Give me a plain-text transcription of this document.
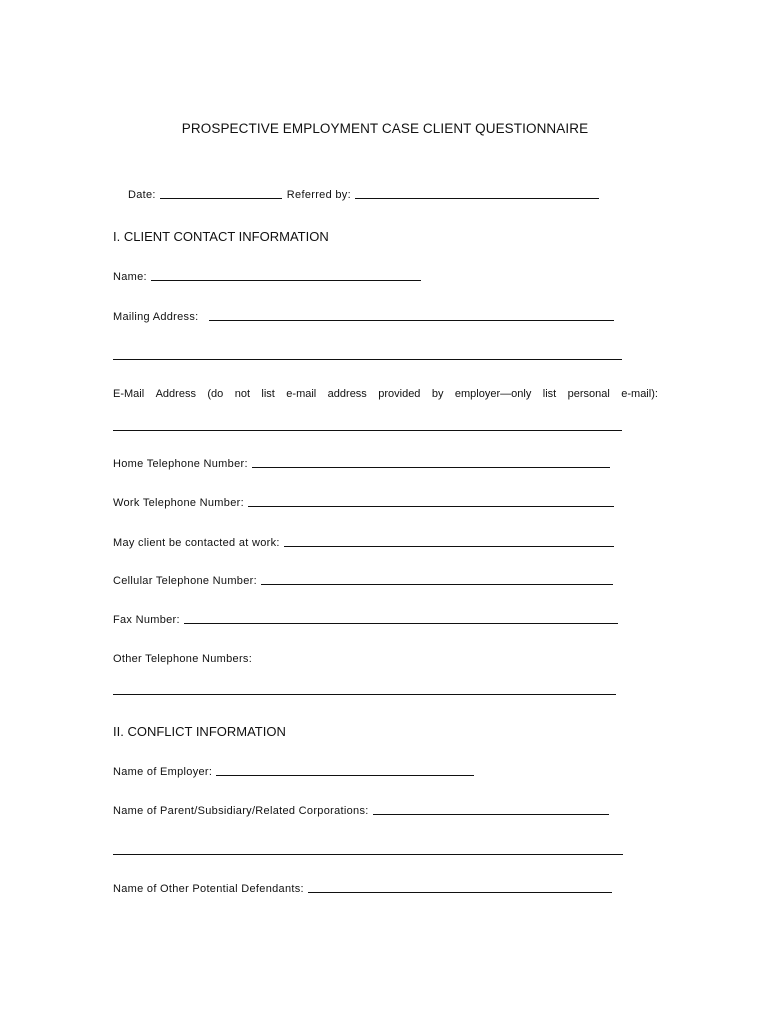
PROSPECTIVE EMPLOYMENT CASE CLIENT QUESTIONNAIRE
Date:	Referred by:
I. CLIENT CONTACT INFORMATION
Name:
Mailing Address:
E-Mail Address (do not list e-mail address provided by employer—only list personal e-mail):
Home Telephone Number:
Work Telephone Number:
May client be contacted at work:
Cellular Telephone Number:
Fax Number:
Other Telephone Numbers:
II. CONFLICT INFORMATION
Name of Employer:
Name of Parent/Subsidiary/Related Corporations:
Name of Other Potential Defendants:
